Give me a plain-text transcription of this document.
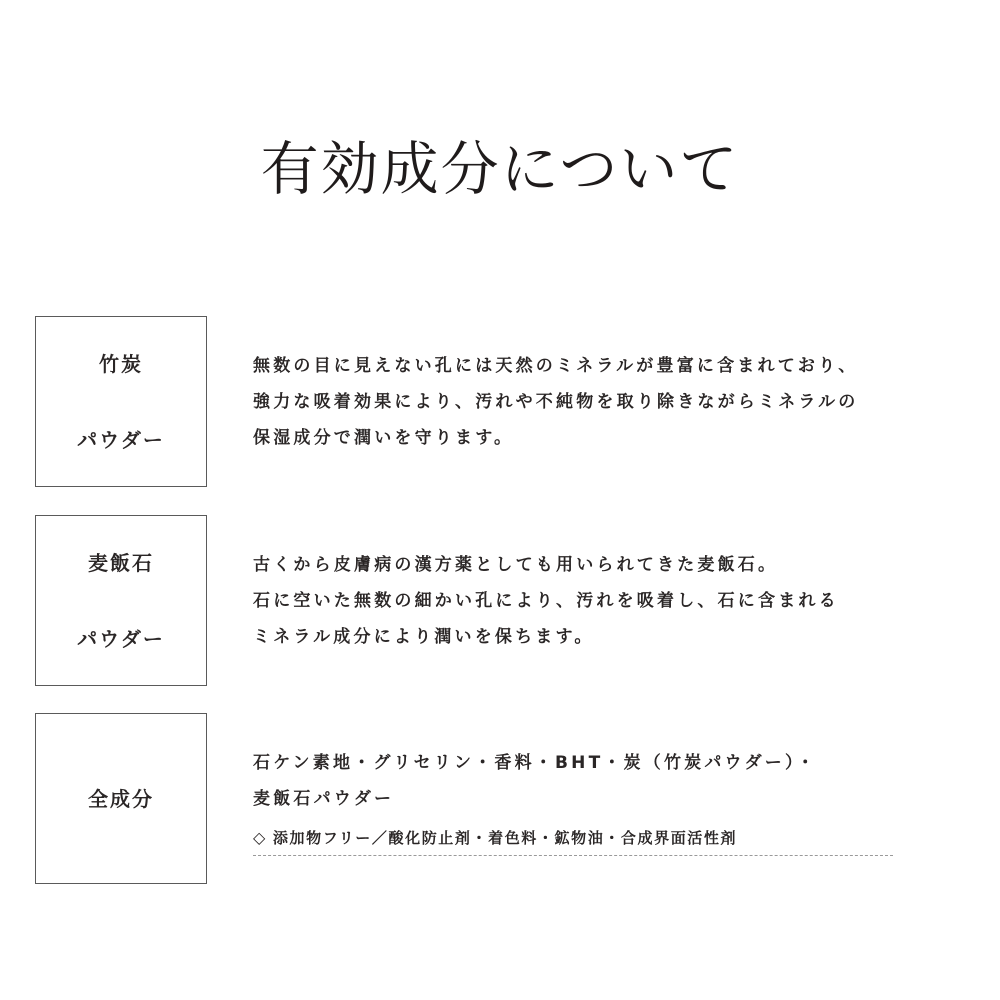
有効成分について

竹炭

パウダー

無数の目に見えない孔には天然のミネラルが豊富に含まれており、
強力な吸着効果により、汚れや不純物を取り除きながらミネラルの
保湿成分で潤いを守ります。

麦飯石

パウダー

古くから皮膚病の漢方薬としても用いられてきた麦飯石。
石に空いた無数の細かい孔により、汚れを吸着し、石に含まれる
ミネラル成分により潤いを保ちます。

全成分

石ケン素地・グリセリン・香料・BHT・炭（竹炭パウダー）・
麦飯石パウダー
◇ 添加物フリー／酸化防止剤・着色料・鉱物油・合成界面活性剤
